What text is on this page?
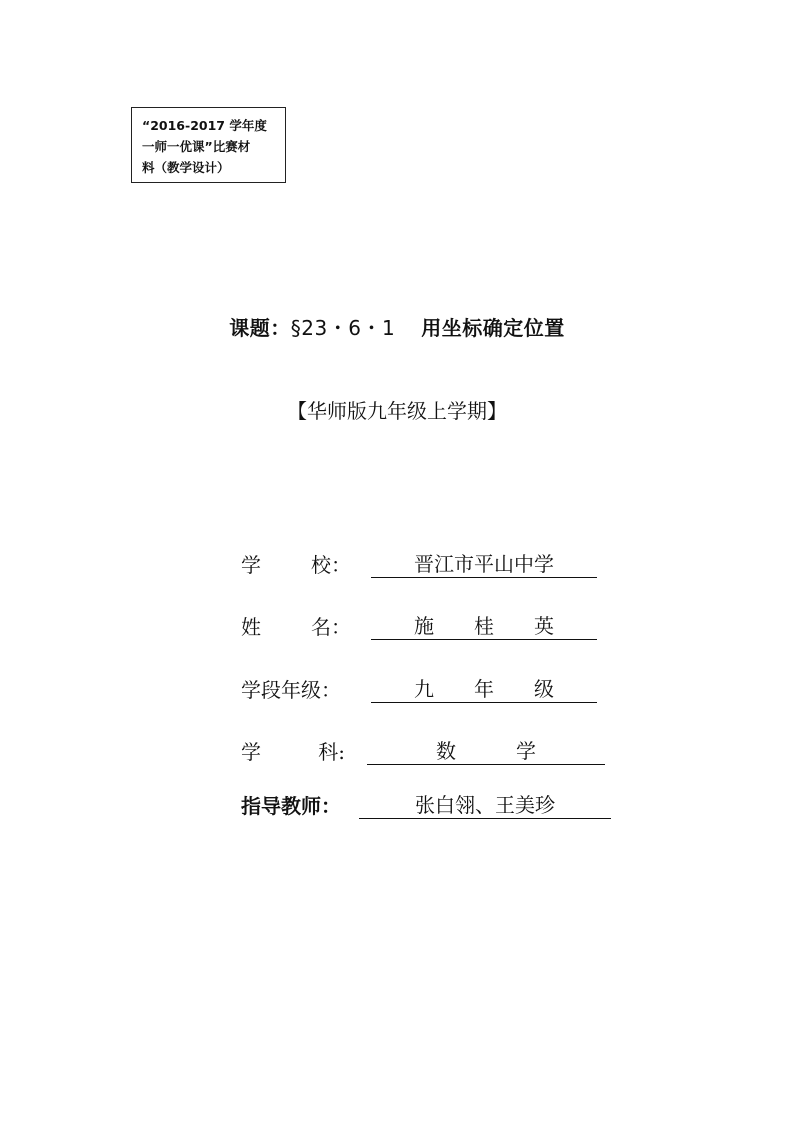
“2016-2017 学年度
一师一优课”比赛材
料（教学设计）
课题：§23・6・1 用坐标确定位置
【华师版九年级上学期】
学	校：	晋江市平山中学
姓	名：	施　　桂　　英
学段年级：	九　　年　　级
学	科:	数　　　学
指导教师：	张白翎、王美珍
